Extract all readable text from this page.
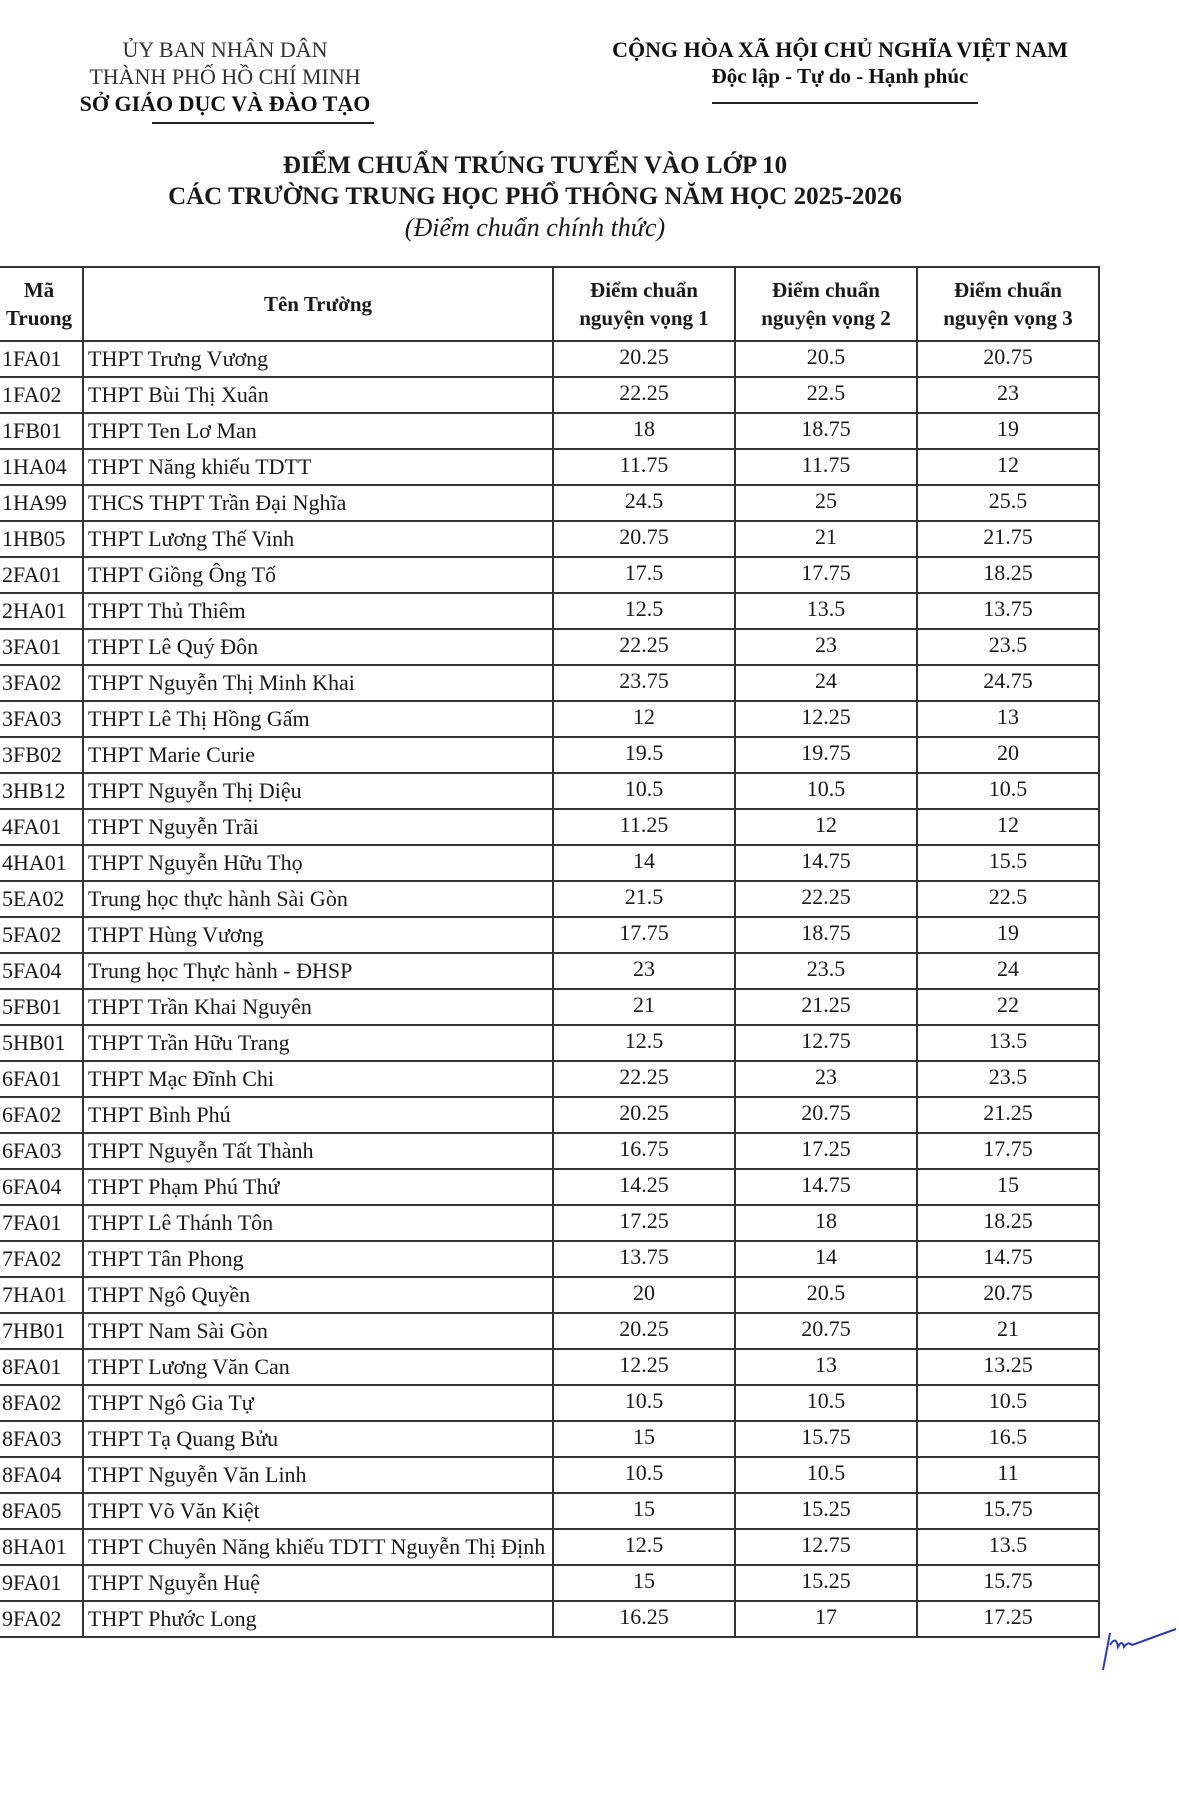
ỦY BAN NHÂN DÂN
THÀNH PHỐ HỒ CHÍ MINH
SỞ GIÁO DỤC VÀ ĐÀO TẠO
CỘNG HÒA XÃ HỘI CHỦ NGHĨA VIỆT NAM
Độc lập - Tự do - Hạnh phúc
ĐIỂM CHUẨN TRÚNG TUYỂN VÀO LỚP 10
CÁC TRƯỜNG TRUNG HỌC PHỔ THÔNG NĂM HỌC 2025-2026
(Điểm chuẩn chính thức)
Mã Truong	Tên Trường	Điểm chuẩn nguyện vọng 1	Điểm chuẩn nguyện vọng 2	Điểm chuẩn nguyện vọng 3
1FA01	THPT Trưng Vương	20.25	20.5	20.75
1FA02	THPT Bùi Thị Xuân	22.25	22.5	23
1FB01	THPT Ten Lơ Man	18	18.75	19
1HA04	THPT Năng khiếu TDTT	11.75	11.75	12
1HA99	THCS THPT Trần Đại Nghĩa	24.5	25	25.5
1HB05	THPT Lương Thế Vinh	20.75	21	21.75
2FA01	THPT Giồng Ông Tố	17.5	17.75	18.25
2HA01	THPT Thủ Thiêm	12.5	13.5	13.75
3FA01	THPT Lê Quý Đôn	22.25	23	23.5
3FA02	THPT Nguyễn Thị Minh Khai	23.75	24	24.75
3FA03	THPT Lê Thị Hồng Gấm	12	12.25	13
3FB02	THPT Marie Curie	19.5	19.75	20
3HB12	THPT Nguyễn Thị Diệu	10.5	10.5	10.5
4FA01	THPT Nguyễn Trãi	11.25	12	12
4HA01	THPT Nguyễn Hữu Thọ	14	14.75	15.5
5EA02	Trung học thực hành Sài Gòn	21.5	22.25	22.5
5FA02	THPT Hùng Vương	17.75	18.75	19
5FA04	Trung học Thực hành - ĐHSP	23	23.5	24
5FB01	THPT Trần Khai Nguyên	21	21.25	22
5HB01	THPT Trần Hữu Trang	12.5	12.75	13.5
6FA01	THPT Mạc Đĩnh Chi	22.25	23	23.5
6FA02	THPT Bình Phú	20.25	20.75	21.25
6FA03	THPT Nguyễn Tất Thành	16.75	17.25	17.75
6FA04	THPT Phạm Phú Thứ	14.25	14.75	15
7FA01	THPT Lê Thánh Tôn	17.25	18	18.25
7FA02	THPT Tân Phong	13.75	14	14.75
7HA01	THPT Ngô Quyền	20	20.5	20.75
7HB01	THPT Nam Sài Gòn	20.25	20.75	21
8FA01	THPT Lương Văn Can	12.25	13	13.25
8FA02	THPT Ngô Gia Tự	10.5	10.5	10.5
8FA03	THPT Tạ Quang Bửu	15	15.75	16.5
8FA04	THPT Nguyễn Văn Linh	10.5	10.5	11
8FA05	THPT Võ Văn Kiệt	15	15.25	15.75
8HA01	THPT Chuyên Năng khiếu TDTT Nguyễn Thị Định	12.5	12.75	13.5
9FA01	THPT Nguyễn Huệ	15	15.25	15.75
9FA02	THPT Phước Long	16.25	17	17.25
